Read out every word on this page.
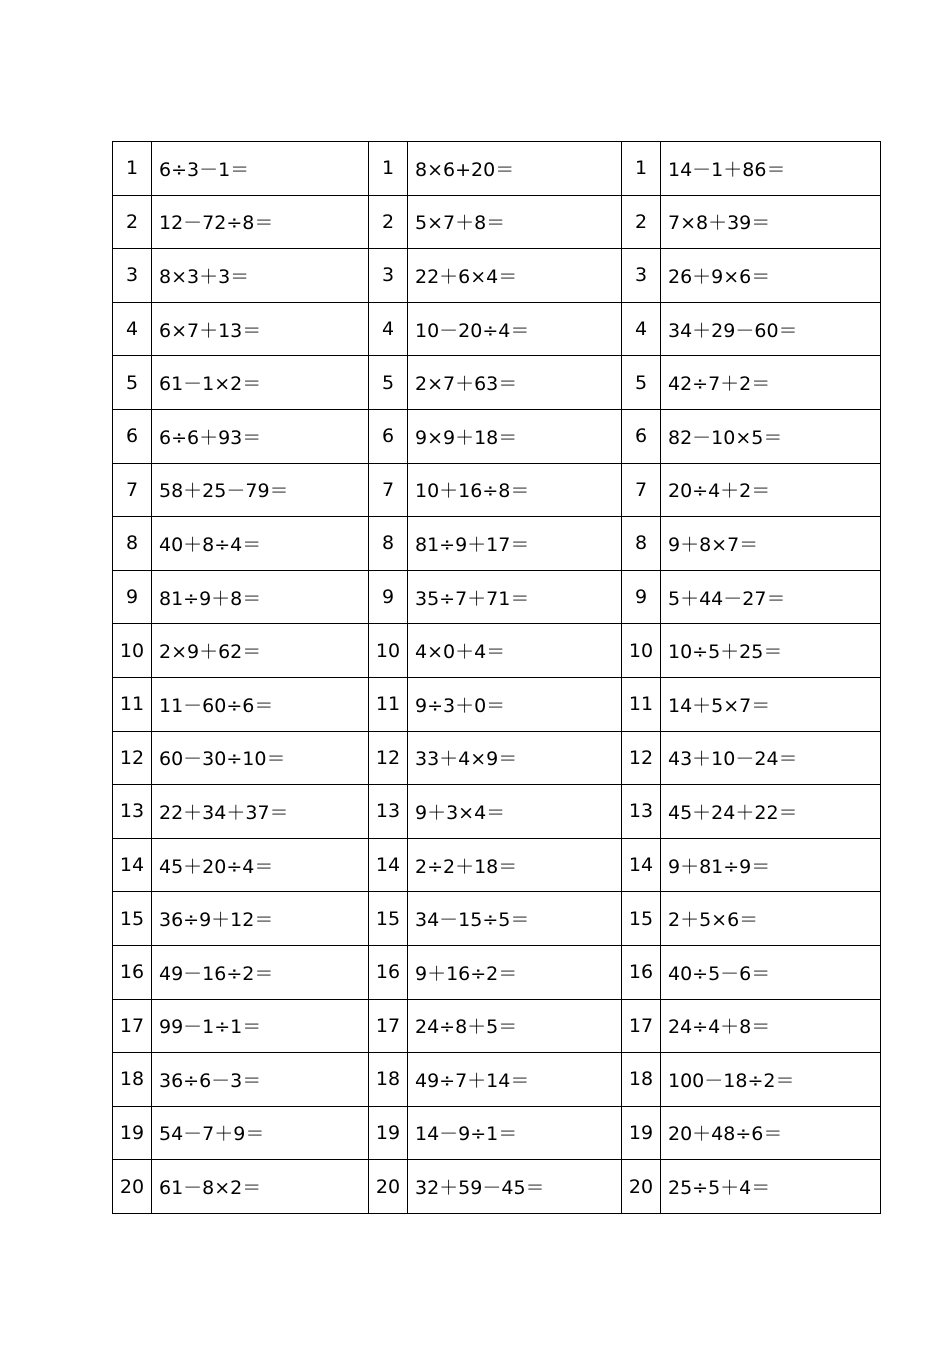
1	6÷3－1＝	1	8×6+20＝	1	14－1＋86＝
2	12－72÷8＝	2	5×7＋8＝	2	7×8＋39＝
3	8×3＋3＝	3	22＋6×4＝	3	26＋9×6＝
4	6×7＋13＝	4	10－20÷4＝	4	34＋29－60＝
5	61－1×2＝	5	2×7＋63＝	5	42÷7＋2＝
6	6÷6＋93＝	6	9×9＋18＝	6	82－10×5＝
7	58＋25－79＝	7	10＋16÷8＝	7	20÷4＋2＝
8	40＋8÷4＝	8	81÷9＋17＝	8	9＋8×7＝
9	81÷9＋8＝	9	35÷7＋71＝	9	5＋44－27＝
10	2×9＋62＝	10	4×0＋4＝	10	10÷5＋25＝
11	11－60÷6＝	11	9÷3＋0＝	11	14＋5×7＝
12	60－30÷10＝	12	33＋4×9＝	12	43＋10－24＝
13	22＋34＋37＝	13	9＋3×4＝	13	45＋24＋22＝
14	45＋20÷4＝	14	2÷2＋18＝	14	9＋81÷9＝
15	36÷9＋12＝	15	34－15÷5＝	15	2＋5×6＝
16	49－16÷2＝	16	9＋16÷2＝	16	40÷5－6＝
17	99－1÷1＝	17	24÷8＋5＝	17	24÷4＋8＝
18	36÷6－3＝	18	49÷7＋14＝	18	100－18÷2＝
19	54－7＋9＝	19	14－9÷1＝	19	20＋48÷6＝
20	61－8×2＝	20	32＋59－45＝	20	25÷5＋4＝
